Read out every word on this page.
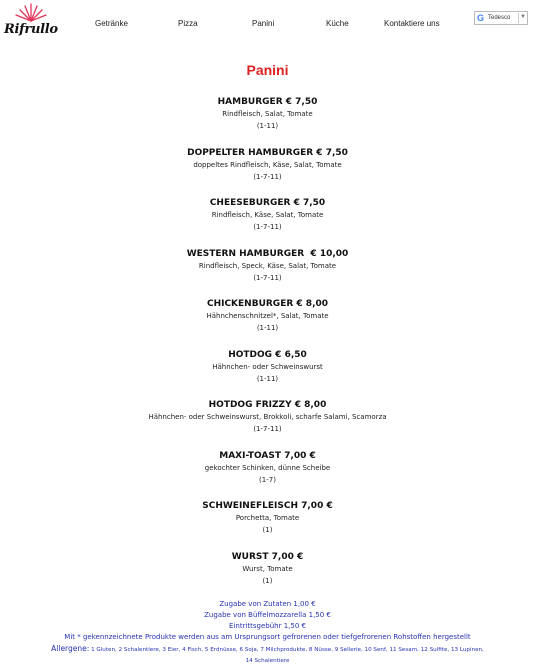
Rifrullo	Getränke	Pizza	Panini	Küche	Kontaktiere uns
G Tedesco ▼
Panini
HAMBURGER € 7,50
Rindfleisch, Salat, Tomate
(1-11)
DOPPELTER HAMBURGER € 7,50
doppeltes Rindfleisch, Käse, Salat, Tomate
(1-7-11)
CHEESEBURGER € 7,50
Rindfleisch, Käse, Salat, Tomate
(1-7-11)
WESTERN HAMBURGER  € 10,00
Rindfleisch, Speck, Käse, Salat, Tomate
(1-7-11)
CHICKENBURGER € 8,00
Hähnchenschnitzel*, Salat, Tomate
(1-11)
HOTDOG € 6,50
Hähnchen- oder Schweinswurst
(1-11)
HOTDOG FRIZZY € 8,00
Hähnchen- oder Schweinswurst, Brokkoli, scharfe Salami, Scamorza
(1-7-11)
MAXI-TOAST 7,00 €
gekochter Schinken, dünne Scheibe
(1-7)
SCHWEINEFLEISCH 7,00 €
Porchetta, Tomate
(1)
WURST 7,00 €
Wurst, Tomate
(1)
Zugabe von Zutaten 1,00 €
Zugabe von Büffelmozzarella 1,50 €
Eintrittsgebühr 1,50 €
Mit * gekennzeichnete Produkte werden aus am Ursprungsort gefrorenen oder tiefgefrorenen Rohstoffen hergestellt
Allergene: 1 Gluten, 2 Schalentiere, 3 Eier, 4 Fisch, 5 Erdnüsse, 6 Soja, 7 Milchprodukte, 8 Nüsse, 9 Sellerie, 10 Senf, 11 Sesam, 12 Sulfite, 13 Lupinen,
14 Schalentiere
